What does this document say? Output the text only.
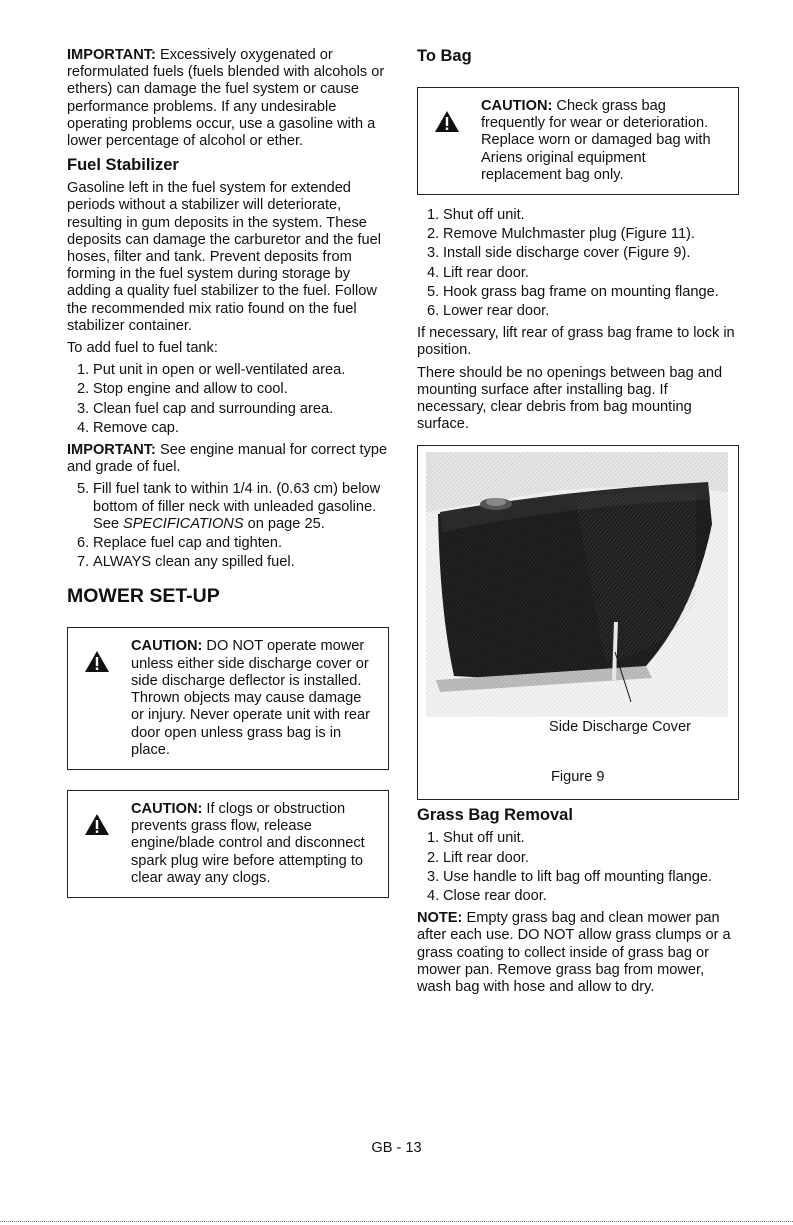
IMPORTANT: Excessively oxygenated or reformulated fuels (fuels blended with alcohols or ethers) can damage the fuel system or cause performance problems. If any undesirable operating problems occur, use a gasoline with a lower percentage of alcohol or ether.

Fuel Stabilizer

Gasoline left in the fuel system for extended periods without a stabilizer will deteriorate, resulting in gum deposits in the system. These deposits can damage the carburetor and the fuel hoses, filter and tank. Prevent deposits from forming in the fuel system during storage by adding a quality fuel stabilizer to the fuel. Follow the recommended mix ratio found on the fuel stabilizer container.

To add fuel to fuel tank:

1. Put unit in open or well-ventilated area.
2. Stop engine and allow to cool.
3. Clean fuel cap and surrounding area.
4. Remove cap.

IMPORTANT: See engine manual for correct type and grade of fuel.

5. Fill fuel tank to within 1/4 in. (0.63 cm) below bottom of filler neck with unleaded gasoline. See SPECIFICATIONS on page 25.
6. Replace fuel cap and tighten.
7. ALWAYS clean any spilled fuel.
MOWER SET-UP
CAUTION: DO NOT operate mower unless either side discharge cover or side discharge deflector is installed. Thrown objects may cause damage or injury. Never operate unit with rear door open unless grass bag is in place.
CAUTION: If clogs or obstruction prevents grass flow, release engine/blade control and disconnect spark plug wire before attempting to clear away any clogs.
To Bag
CAUTION: Check grass bag frequently for wear or deterioration. Replace worn or damaged bag with Ariens original equipment replacement bag only.
1. Shut off unit.
2. Remove Mulchmaster plug (Figure 11).
3. Install side discharge cover (Figure 9).
4. Lift rear door.
5. Hook grass bag frame on mounting flange.
6. Lower rear door.

If necessary, lift rear of grass bag frame to lock in position.

There should be no openings between bag and mounting surface after installing bag. If necessary, clear debris from bag mounting surface.

Side Discharge Cover
Figure 9
Grass Bag Removal
1. Shut off unit.
2. Lift rear door.
3. Use handle to lift bag off mounting flange.
4. Close rear door.

NOTE: Empty grass bag and clean mower pan after each use. DO NOT allow grass clumps or a grass coating to collect inside of grass bag or mower pan. Remove grass bag from mower, wash bag with hose and allow to dry.

GB - 13
